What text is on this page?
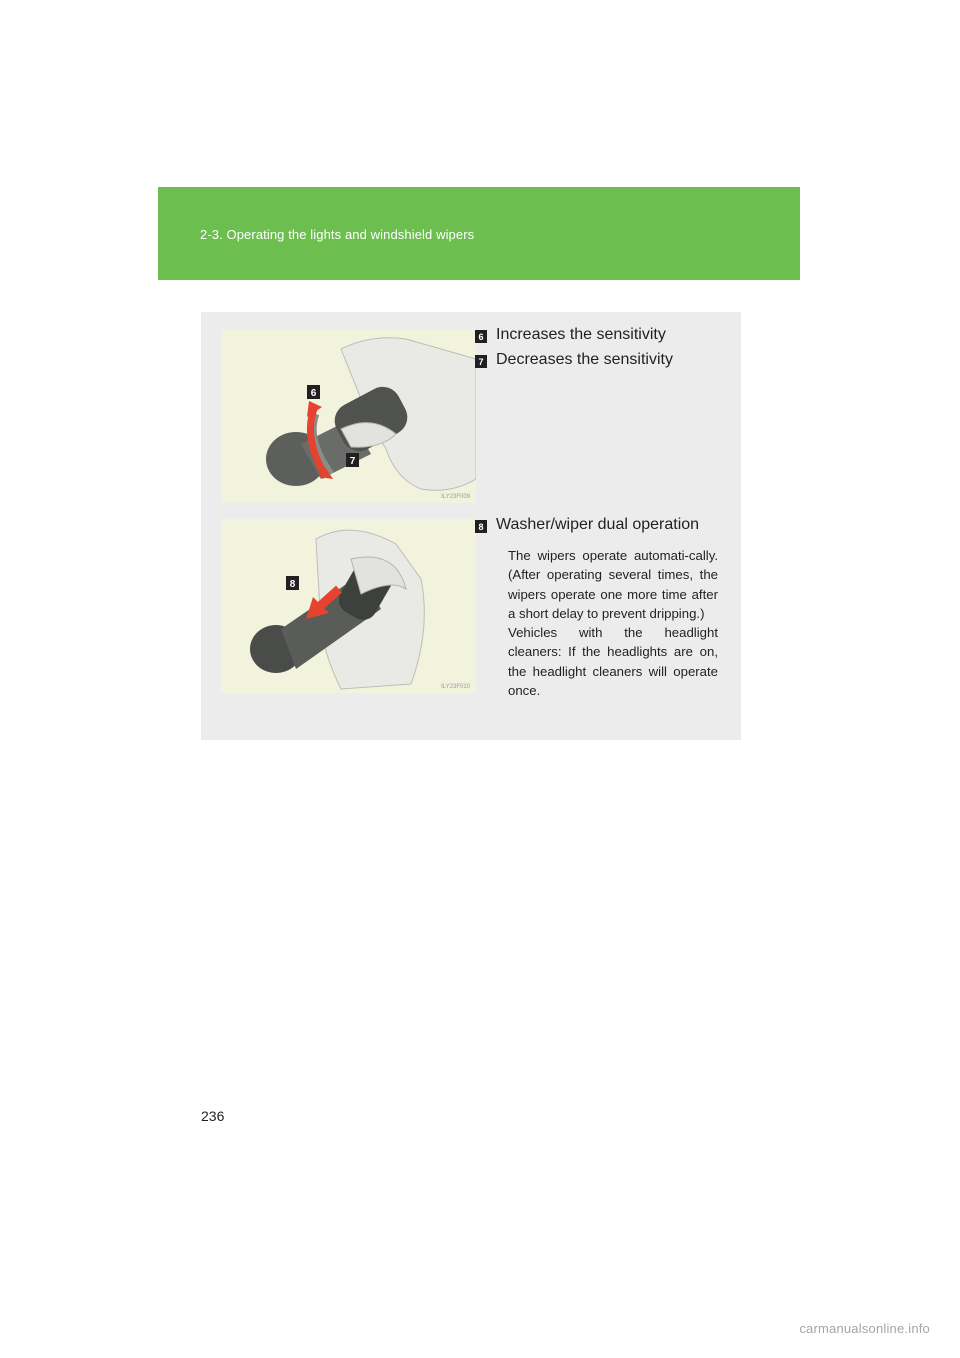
2-3. Operating the lights and windshield wipers
6
7
ILY23F009
8
ILY23F010
6 Increases the sensitivity
7 Decreases the sensitivity
8 Washer/wiper dual operation

The wipers operate automati-cally. (After operating several times, the wipers operate one more time after a short delay to prevent dripping.)

Vehicles with the headlight cleaners: If the headlights are on, the headlight cleaners will operate once.

236
carmanualsonline.info
